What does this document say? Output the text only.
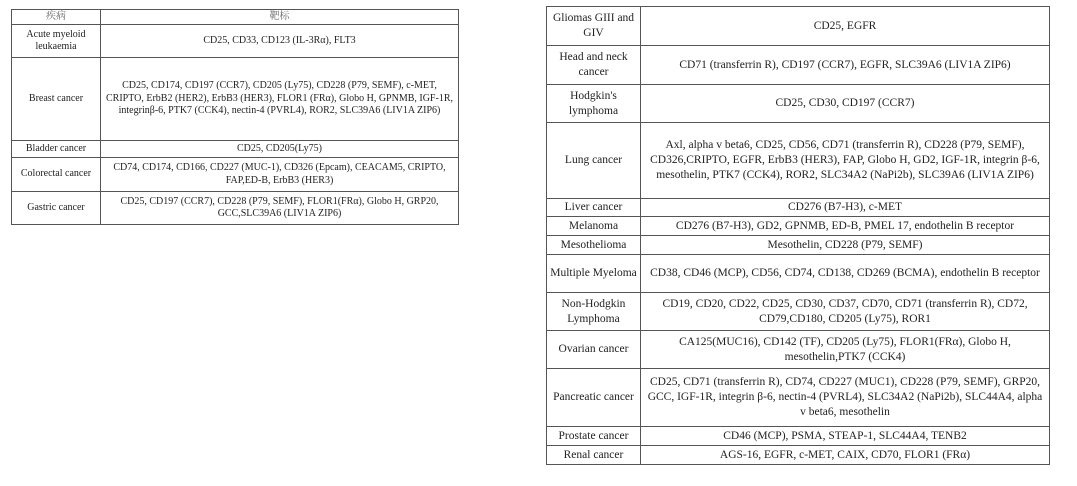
疾病	靶标
Acute myeloid leukaemia	CD25, CD33, CD123 (IL-3Rα), FLT3
Breast cancer	CD25, CD174, CD197 (CCR7), CD205 (Ly75), CD228 (P79, SEMF), c-MET, CRIPTO, ErbB2 (HER2), ErbB3 (HER3), FLOR1 (FRα), Globo H, GPNMB, IGF-1R, integrinβ-6, PTK7 (CCK4), nectin-4 (PVRL4), ROR2, SLC39A6 (LIV1A ZIP6)
Bladder cancer	CD25, CD205(Ly75)
Colorectal cancer	CD74, CD174, CD166, CD227 (MUC-1), CD326 (Epcam), CEACAM5, CRIPTO, FAP,ED-B, ErbB3 (HER3)
Gastric cancer	CD25, CD197 (CCR7), CD228 (P79, SEMF), FLOR1(FRα), Globo H, GRP20, GCC,SLC39A6 (LIV1A ZIP6)
Gliomas GIII and GIV	CD25, EGFR
Head and neck cancer	CD71 (transferrin R), CD197 (CCR7), EGFR, SLC39A6 (LIV1A ZIP6)
Hodgkin's lymphoma	CD25, CD30, CD197 (CCR7)
Lung cancer	Axl, alpha v beta6, CD25, CD56, CD71 (transferrin R), CD228 (P79, SEMF), CD326,CRIPTO, EGFR, ErbB3 (HER3), FAP, Globo H, GD2, IGF-1R, integrin β-6, mesothelin, PTK7 (CCK4), ROR2, SLC34A2 (NaPi2b), SLC39A6 (LIV1A ZIP6)
Liver cancer	CD276 (B7-H3), c-MET
Melanoma	CD276 (B7-H3), GD2, GPNMB, ED-B, PMEL 17, endothelin B receptor
Mesothelioma	Mesothelin, CD228 (P79, SEMF)
Multiple Myeloma	CD38, CD46 (MCP), CD56, CD74, CD138, CD269 (BCMA), endothelin B receptor
Non-Hodgkin Lymphoma	CD19, CD20, CD22, CD25, CD30, CD37, CD70, CD71 (transferrin R), CD72, CD79,CD180, CD205 (Ly75), ROR1
Ovarian cancer	CA125(MUC16), CD142 (TF), CD205 (Ly75), FLOR1(FRα), Globo H, mesothelin,PTK7 (CCK4)
Pancreatic cancer	CD25, CD71 (transferrin R), CD74, CD227 (MUC1), CD228 (P79, SEMF), GRP20, GCC, IGF-1R, integrin β-6, nectin-4 (PVRL4), SLC34A2 (NaPi2b), SLC44A4, alpha v beta6, mesothelin
Prostate cancer	CD46 (MCP), PSMA, STEAP-1, SLC44A4, TENB2
Renal cancer	AGS-16, EGFR, c-MET, CAIX, CD70, FLOR1 (FRα)
